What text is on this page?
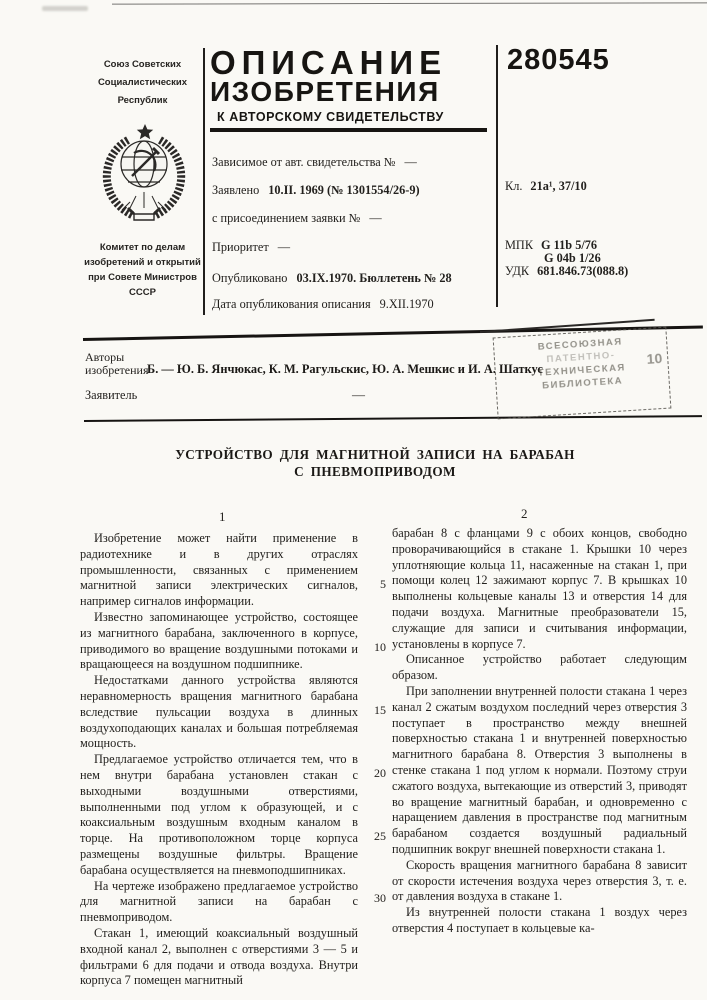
Союз Советских
Социалистических
Республик
Комитет по делам
изобретений и открытий
при Совете Министров
СССР
ОПИСАНИЕ
ИЗОБРЕТЕНИЯ
К АВТОРСКОМУ СВИДЕТЕЛЬСТВУ
Зависимое от авт. свидетельства № —
Заявлено 10.II. 1969 (№ 1301554/26-9)
с присоединением заявки № —
Приоритет —
Опубликовано 03.IX.1970. Бюллетень № 28
Дата опубликования описания 9.XII.1970
280545
Кл. 21a¹, 37/10
МПК G 11b 5/76
G 04b 1/26
УДК 681.846.73(088.8)
Авторы
изобретения
Б. — Ю. Б. Янчюкас, К. М. Рагульскис, Ю. А. Мешкис и И. А. Шаткус
Заявитель	—
ВСЕСОЮЗНАЯ
ПАТЕНТНО-
ТЕХНИЧЕСКАЯ
БИБЛИОТЕКА
10
УСТРОЙСТВО ДЛЯ МАГНИТНОЙ ЗАПИСИ НА БАРАБАН
С ПНЕВМОПРИВОДОМ
1	2

Изобретение может найти применение в радиотехнике и в других отраслях промышленности, связанных с применением магнитной записи электрических сигналов, например сигналов информации.

Известно запоминающее устройство, состоящее из магнитного барабана, заключенного в корпусе, приводимого во вращение воздушными потоками и вращающееся на воздушном подшипнике.

Недостатками данного устройства являются неравномерность вращения магнитного барабана вследствие пульсации воздуха в длинных воздухоподающих каналах и большая потребляемая мощность.

Предлагаемое устройство отличается тем, что в нем внутри барабана установлен стакан с выходными воздушными отверстиями, выполненными под углом к образующей, и с коаксиальным воздушным входным каналом в торце. На противоположном торце корпуса размещены воздушные фильтры. Вращение барабана осуществляется на пневмоподшипниках.

На чертеже изображено предлагаемое устройство для магнитной записи на барабан с пневмоприводом.

Стакан 1, имеющий коаксиальный воздушный входной канал 2, выполнен с отверстиями 3 — 5 и фильтрами 6 для подачи и отвода воздуха. Внутри корпуса 7 помещен магнитный

барабан 8 с фланцами 9 с обоих концов, свободно проворачивающийся в стакане 1. Крышки 10 через уплотняющие кольца 11, насаженные на стакан 1, при помощи колец 12 зажимают корпус 7. В крышках 10 выполнены кольцевые каналы 13 и отверстия 14 для подачи воздуха. Магнитные преобразователи 15, служащие для записи и считывания информации, установлены в корпусе 7.

Описанное устройство работает следующим образом.

При заполнении внутренней полости стакана 1 через канал 2 сжатым воздухом последний через отверстия 3 поступает в пространство между внешней поверхностью стакана 1 и внутренней поверхностью магнитного барабана 8. Отверстия 3 выполнены в стенке стакана 1 под углом к нормали. Поэтому струи сжатого воздуха, вытекающие из отверстий 3, приводят во вращение магнитный барабан, и одновременно с наращением давления в пространстве под магнитным барабаном создается воздушный радиальный подшипник вокруг внешней поверхности стакана 1.

Скорость вращения магнитного барабана 8 зависит от скорости истечения воздуха через отверстия 3, т. е. от давления воздуха в стакане 1.

Из внутренней полости стакана 1 воздух через отверстия 4 поступает в кольцевые ка-

5
10
15
20
25
30
